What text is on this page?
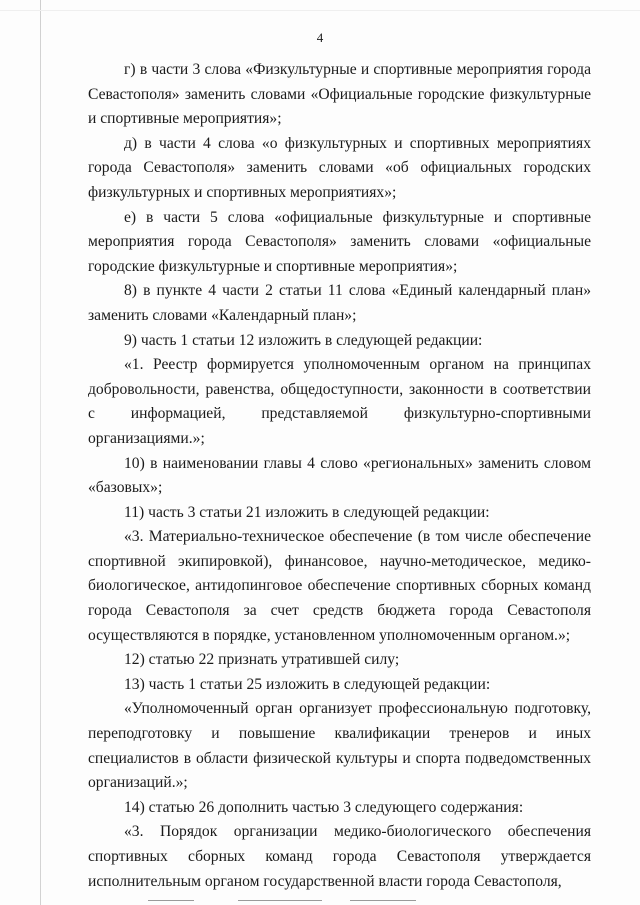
4

г) в части 3 слова «Физкультурные и спортивные мероприятия города Севастополя» заменить словами «Официальные городские физкультурные и спортивные мероприятия»;

д) в части 4 слова «о физкультурных и спортивных мероприятиях города Севастополя» заменить словами «об официальных городских физкультурных и спортивных мероприятиях»;

е) в части 5 слова «официальные физкультурные и спортивные мероприятия города Севастополя» заменить словами «официальные городские физкультурные и спортивные мероприятия»;

8) в пункте 4 части 2 статьи 11 слова «Единый календарный план» заменить словами «Календарный план»;

9) часть 1 статьи 12 изложить в следующей редакции:

«1. Реестр формируется уполномоченным органом на принципах добровольности, равенства, общедоступности, законности в соответствии с информацией, представляемой физкультурно-спортивными организациями.»;

10) в наименовании главы 4 слово «региональных» заменить словом «базовых»;

11) часть 3 статьи 21 изложить в следующей редакции:

«3. Материально-техническое обеспечение (в том числе обеспечение спортивной экипировкой), финансовое, научно-методическое, медико-биологическое, антидопинговое обеспечение спортивных сборных команд города Севастополя за счет средств бюджета города Севастополя осуществляются в порядке, установленном уполномоченным органом.»;

12) статью 22 признать утратившей силу;

13) часть 1 статьи 25 изложить в следующей редакции:

«Уполномоченный орган организует профессиональную подготовку, переподготовку и повышение квалификации тренеров и иных специалистов в области физической культуры и спорта подведомственных организаций.»;

14) статью 26 дополнить частью 3 следующего содержания:

«3. Порядок организации медико-биологического обеспечения спортивных сборных команд города Севастополя утверждается исполнительным органом государственной власти города Севастополя,
